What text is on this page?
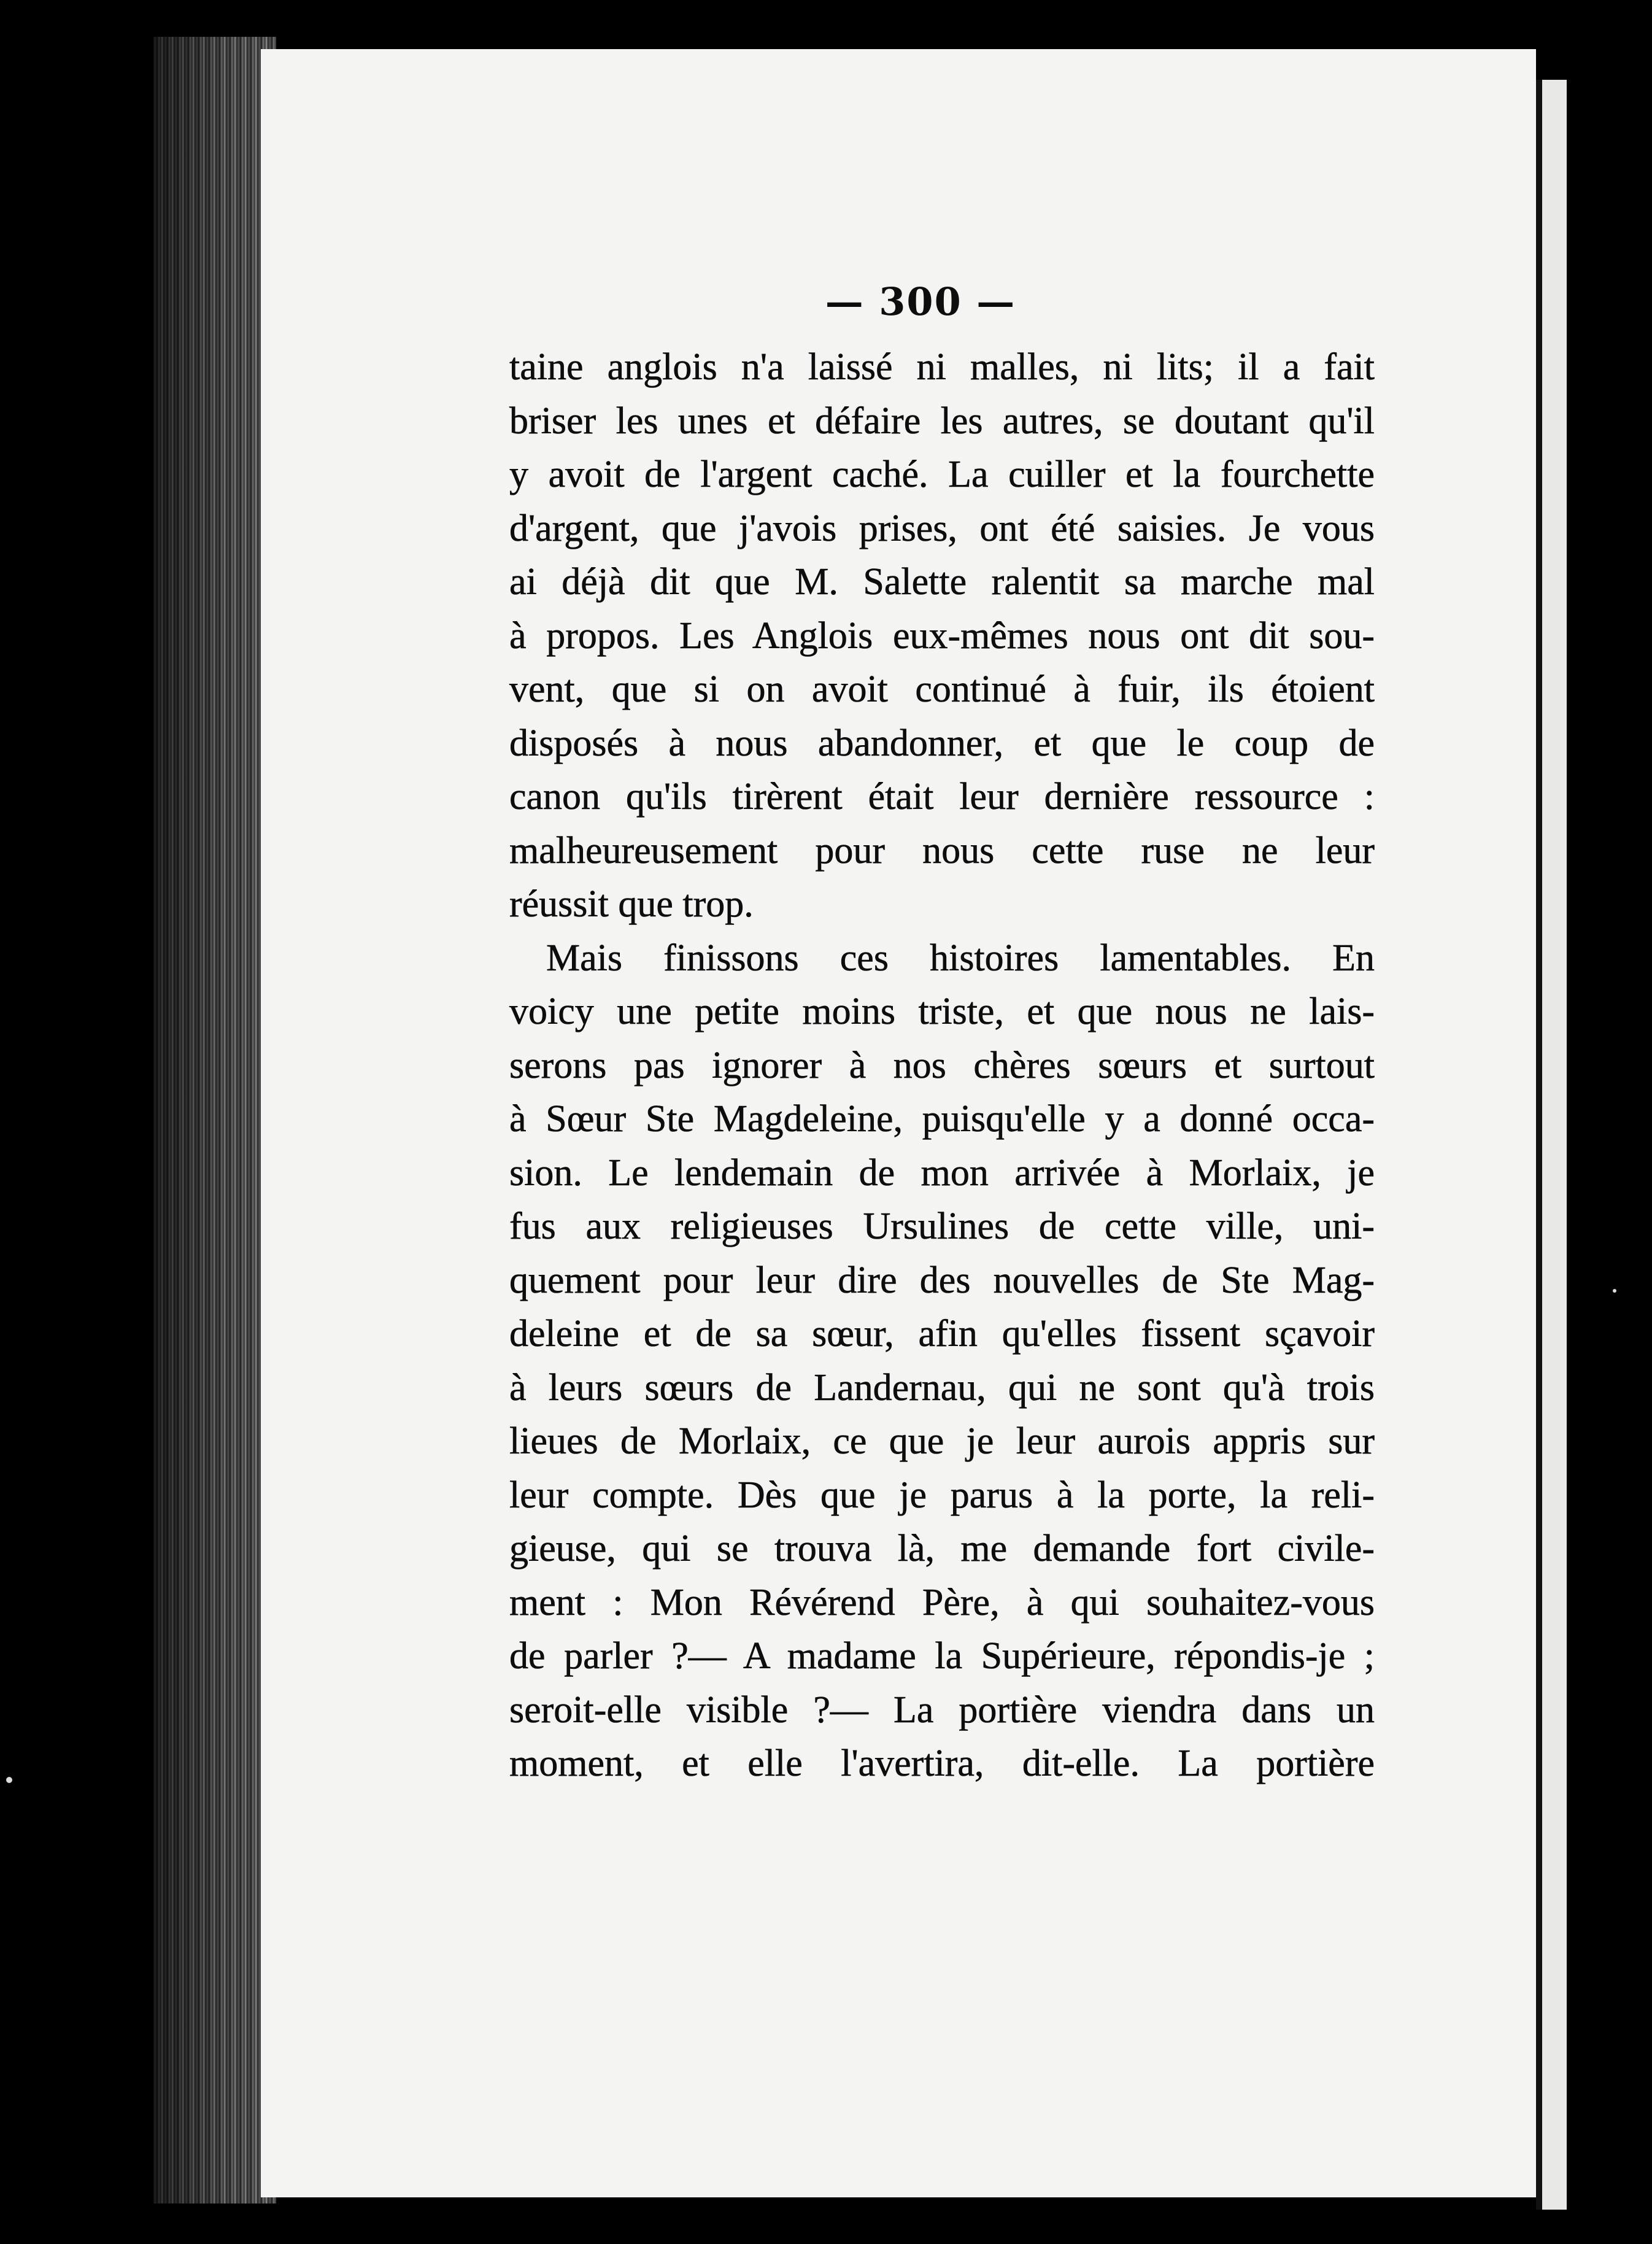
— 300 —
taine anglois n'a laissé ni malles, ni lits; il a fait
briser les unes et défaire les autres, se doutant qu'il
y avoit de l'argent caché. La cuiller et la fourchette
d'argent, que j'avois prises, ont été saisies. Je vous
ai déjà dit que M. Salette ralentit sa marche mal
à propos. Les Anglois eux-mêmes nous ont dit sou-
vent, que si on avoit continué à fuir, ils étoient
disposés à nous abandonner, et que le coup de
canon qu'ils tirèrent était leur dernière ressource :
malheureusement pour nous cette ruse ne leur
réussit que trop.
Mais finissons ces histoires lamentables. En
voicy une petite moins triste, et que nous ne lais-
serons pas ignorer à nos chères sœurs et surtout
à Sœur Ste Magdeleine, puisqu'elle y a donné occa-
sion. Le lendemain de mon arrivée à Morlaix, je
fus aux religieuses Ursulines de cette ville, uni-
quement pour leur dire des nouvelles de Ste Mag-
deleine et de sa sœur, afin qu'elles fissent sçavoir
à leurs sœurs de Landernau, qui ne sont qu'à trois
lieues de Morlaix, ce que je leur aurois appris sur
leur compte. Dès que je parus à la porte, la reli-
gieuse, qui se trouva là, me demande fort civile-
ment : Mon Révérend Père, à qui souhaitez-vous
de parler ?— A madame la Supérieure, répondis-je ;
seroit-elle visible ?— La portière viendra dans un
moment, et elle l'avertira, dit-elle. La portière
